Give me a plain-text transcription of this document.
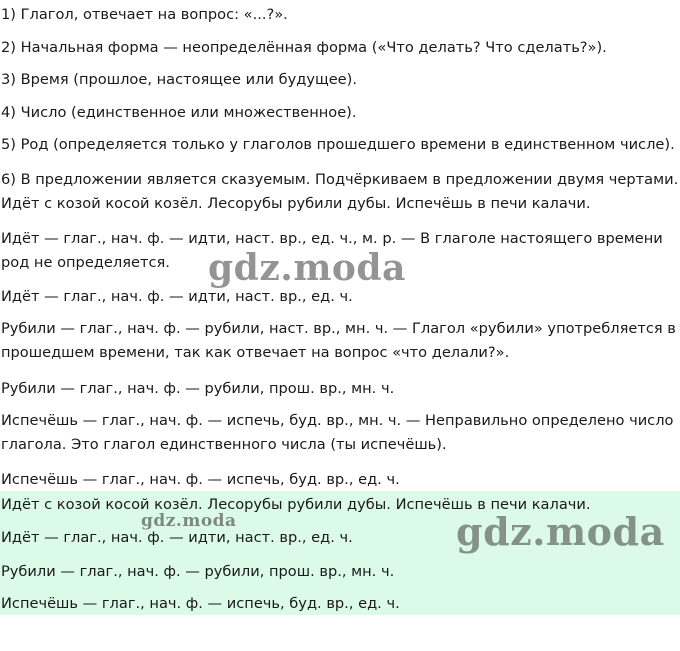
1) Глагол, отвечает на вопрос: «...?».

2) Начальная форма — неопределённая форма («Что делать? Что сделать?»).

3) Время (прошлое, настоящее или будущее).

4) Число (единственное или множественное).

5) Род (определяется только у глаголов прошедшего времени в единственном числе).

6) В предложении является сказуемым. Подчёркиваем в предложении двумя чертами.

Идёт с козой косой козёл. Лесорубы рубили дубы. Испечёшь в печи калачи.

Идёт — глаг., нач. ф. — идти, наст. вр., ед. ч., м. р. — В глаголе настоящего времени род не определяется.

Идёт — глаг., нач. ф. — идти, наст. вр., ед. ч.

Рубили — глаг., нач. ф. — рубили, наст. вр., мн. ч. — Глагол «рубили» употребляется в прошедшем времени, так как отвечает на вопрос «что делали?».

Рубили — глаг., нач. ф. — рубили, прош. вр., мн. ч.

Испечёшь — глаг., нач. ф. — испечь, буд. вр., мн. ч. — Неправильно определено число глагола. Это глагол единственного числа (ты испечёшь).

Испечёшь — глаг., нач. ф. — испечь, буд. вр., ед. ч.

Идёт с козой косой козёл. Лесорубы рубили дубы. Испечёшь в печи калачи.

Идёт — глаг., нач. ф. — идти, наст. вр., ед. ч.

Рубили — глаг., нач. ф. — рубили, прош. вр., мн. ч.

Испечёшь — глаг., нач. ф. — испечь, буд. вр., ед. ч.

gdz.moda
gdz.moda	gdz.moda
